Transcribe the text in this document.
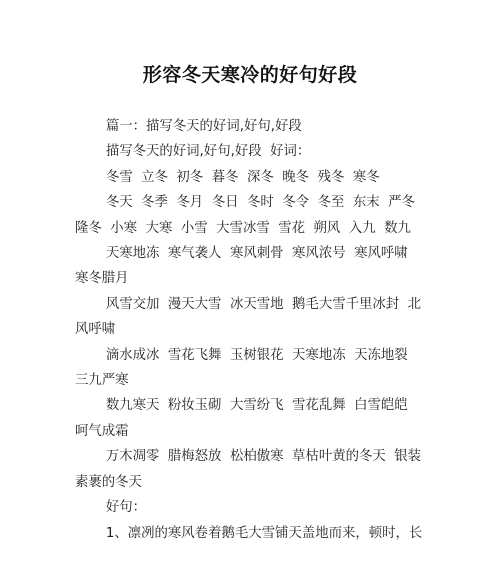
形容冬天寒冷的好句好段

篇一：描写冬天的好词,好句,好段

描写冬天的好词,好句,好段  好词：

冬雪  立冬  初冬  暮冬  深冬  晚冬  残冬  寒冬

冬天  冬季  冬月  冬日  冬时  冬令  冬至  东末  严冬 隆冬  小寒  大寒  小雪  大雪冰雪  雪花  朔风  入九  数九

天寒地冻  寒气袭人  寒风刺骨  寒风浓号  寒风呼啸  寒冬腊月

风雪交加  漫天大雪  冰天雪地  鹅毛大雪千里冰封  北风呼啸

滴水成冰  雪花飞舞  玉树银花  天寒地冻  天冻地裂  三九严寒

数九寒天  粉妆玉砌  大雪纷飞  雪花乱舞  白雪皑皑  呵气成霜

万木凋零  腊梅怒放  松柏傲寒  草枯叶黄的冬天  银装素裹的冬天

好句：

1、凛冽的寒风卷着鹅毛大雪铺天盖地而来，顿时，长
